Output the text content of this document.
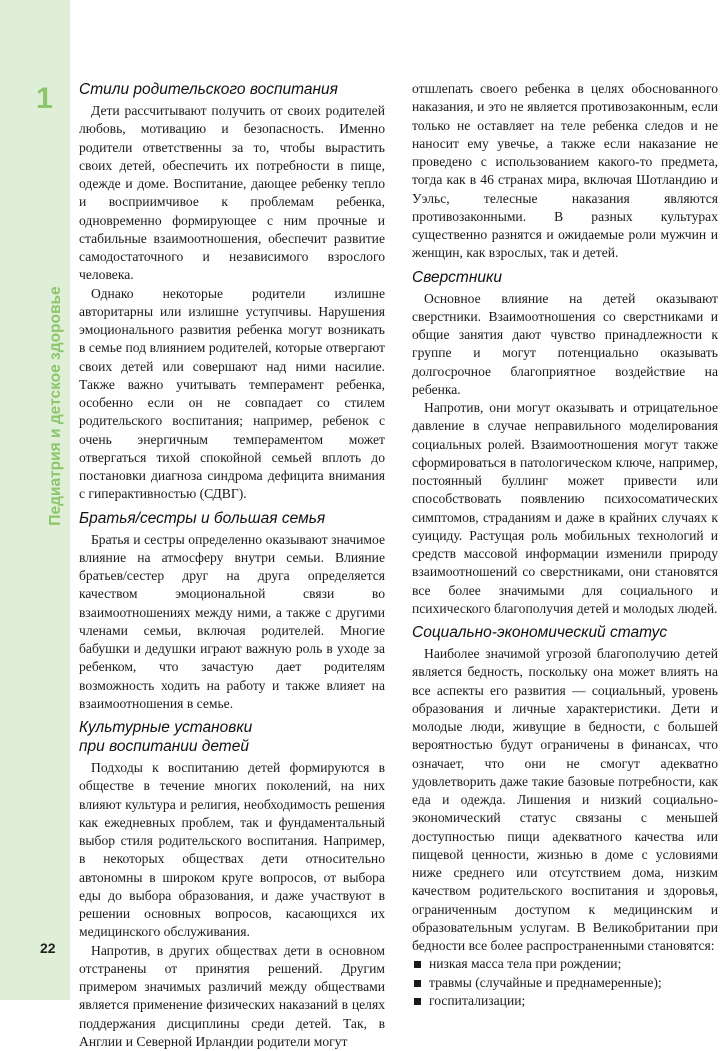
1
Педиатрия и детское здоровье
22
Стили родительского воспитания

Дети рассчитывают получить от своих родителей любовь, мотивацию и безопасность. Именно родители ответственны за то, чтобы вырастить своих детей, обеспечить их потребности в пище, одежде и доме. Воспитание, дающее ребенку тепло и восприимчивое к проблемам ребенка, одновременно формирующее с ним прочные и стабильные взаимоотношения, обеспечит развитие самодостаточного и независимого взрослого человека.

Однако некоторые родители излишне авторитарны или излишне уступчивы. Нарушения эмоционального развития ребенка могут возникать в семье под влиянием родителей, которые отвергают своих детей или совершают над ними насилие. Также важно учитывать темперамент ребенка, особенно если он не совпадает со стилем родительского воспитания; например, ребенок с очень энергичным темпераментом может отвергаться тихой спокойной семьей вплоть до постановки диагноза синдрома дефицита внимания с гиперактивностью (СДВГ).

Братья/сестры и большая семья

Братья и сестры определенно оказывают значимое влияние на атмосферу внутри семьи. Влияние братьев/сестер друг на друга определяется качеством эмоциональной связи во взаимоотношениях между ними, а также с другими членами семьи, включая родителей. Многие бабушки и дедушки играют важную роль в уходе за ребенком, что зачастую дает родителям возможность ходить на работу и также влияет на взаимоотношения в семье.

Культурные установки
при воспитании детей

Подходы к воспитанию детей формируются в обществе в течение многих поколений, на них влияют культура и религия, необходимость решения как ежедневных проблем, так и фундаментальный выбор стиля родительского воспитания. Например, в некоторых обществах дети относительно автономны в широком круге вопросов, от выбора еды до выбора образования, и даже участвуют в решении основных вопросов, касающихся их медицинского обслуживания.

Напротив, в других обществах дети в основном отстранены от принятия решений. Другим примером значимых различий между обществами является применение физических наказаний в целях поддержания дисциплины среди детей. Так, в Англии и Северной Ирландии родители могут

отшлепать своего ребенка в целях обоснованного наказания, и это не является противозаконным, если только не оставляет на теле ребенка следов и не наносит ему увечье, а также если наказание не проведено с использованием какого-то предмета, тогда как в 46 странах мира, включая Шотландию и Уэльс, телесные наказания являются противозаконными. В разных культурах существенно разнятся и ожидаемые роли мужчин и женщин, как взрослых, так и детей.

Сверстники

Основное влияние на детей оказывают сверстники. Взаимоотношения со сверстниками и общие занятия дают чувство принадлежности к группе и могут потенциально оказывать долгосрочное благоприятное воздействие на ребенка.

Напротив, они могут оказывать и отрицательное давление в случае неправильного моделирования социальных ролей. Взаимоотношения могут также сформироваться в патологическом ключе, например, постоянный буллинг может привести или способствовать появлению психосоматических симптомов, страданиям и даже в крайних случаях к суициду. Растущая роль мобильных технологий и средств массовой информации изменили природу взаимоотношений со сверстниками, они становятся все более значимыми для социального и психического благополучия детей и молодых людей.

Социально-экономический статус

Наиболее значимой угрозой благополучию детей является бедность, поскольку она может влиять на все аспекты его развития — социальный, уровень образования и личные характеристики. Дети и молодые люди, живущие в бедности, с большей вероятностью будут ограничены в финансах, что означает, что они не смогут адекватно удовлетворить даже такие базовые потребности, как еда и одежда. Лишения и низкий социально-экономический статус связаны с меньшей доступностью пищи адекватного качества или пищевой ценности, жизнью в доме с условиями ниже среднего или отсутствием дома, низким качеством родительского воспитания и здоровья, ограниченным доступом к медицинским и образовательным услугам. В Великобритании при бедности все более распространенными становятся:

низкая масса тела при рождении;
травмы (случайные и преднамеренные);
госпитализации;
